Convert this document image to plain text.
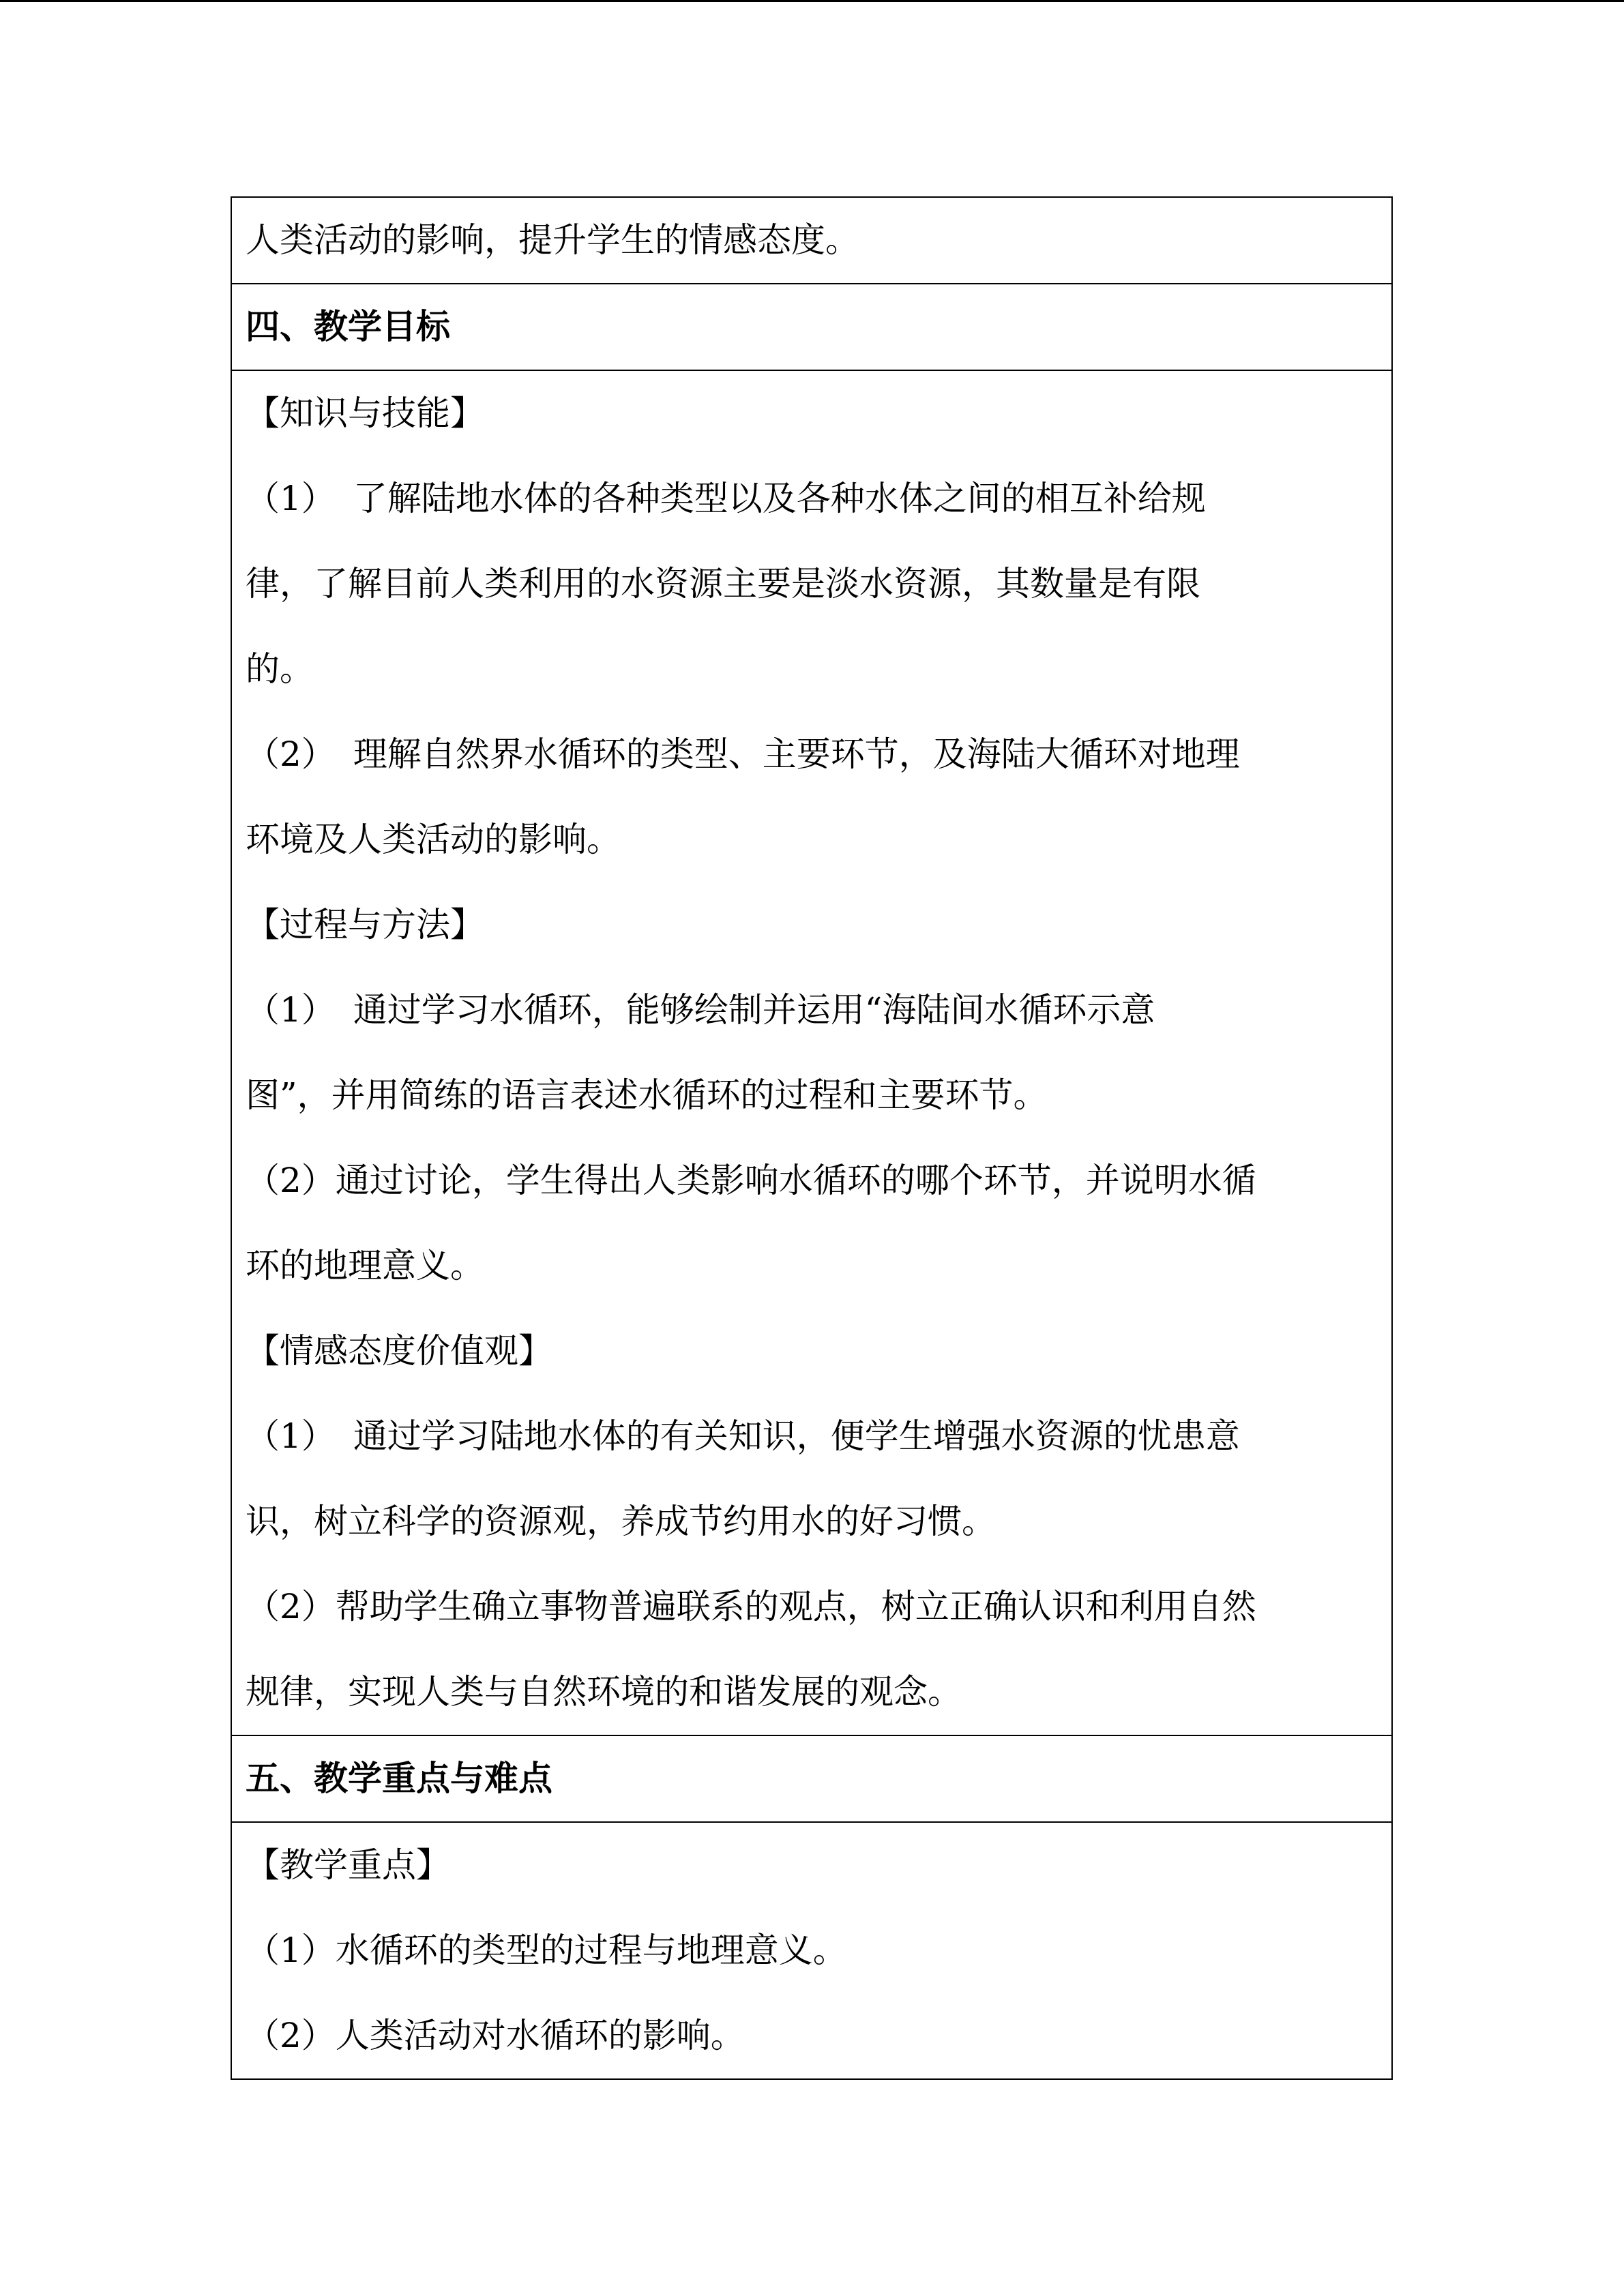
人类活动的影响，提升学生的情感态度。

四、教学目标

【知识与技能】
（1） 了解陆地水体的各种类型以及各种水体之间的相互补给规
律，了解目前人类利用的水资源主要是淡水资源，其数量是有限
的。
（2） 理解自然界水循环的类型、主要环节，及海陆大循环对地理
环境及人类活动的影响。
【过程与方法】
（1） 通过学习水循环，能够绘制并运用“海陆间水循环示意
图”，并用简练的语言表述水循环的过程和主要环节。
（2）通过讨论，学生得出人类影响水循环的哪个环节，并说明水循
环的地理意义。
【情感态度价值观】
（1） 通过学习陆地水体的有关知识，便学生增强水资源的忧患意
识，树立科学的资源观，养成节约用水的好习惯。
（2）帮助学生确立事物普遍联系的观点，树立正确认识和利用自然
规律，实现人类与自然环境的和谐发展的观念。

五、教学重点与难点

【教学重点】
（1）水循环的类型的过程与地理意义。
（2）人类活动对水循环的影响。
